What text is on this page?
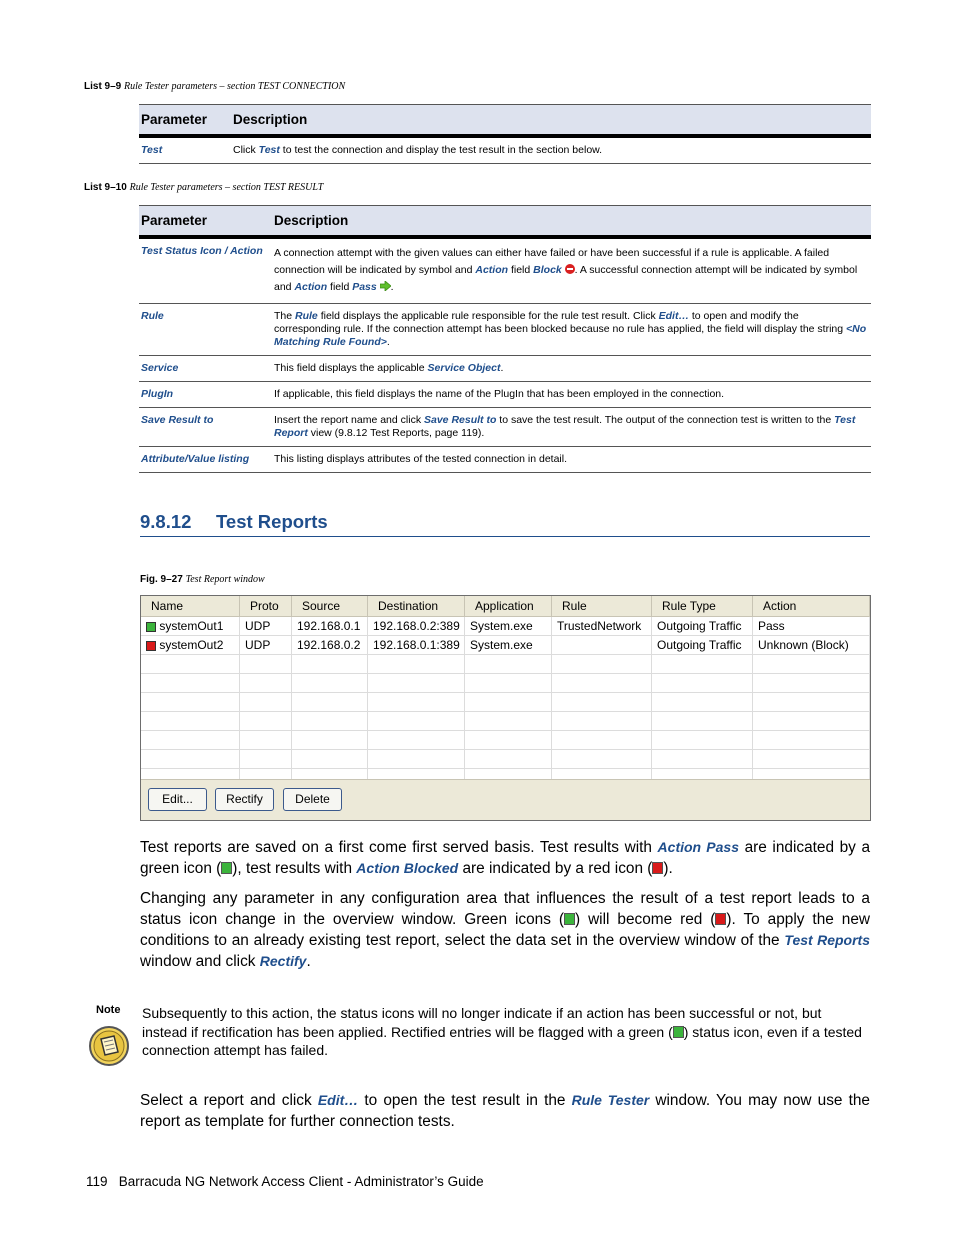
List 9–9 Rule Tester parameters – section TEST CONNECTION
Parameter	Description
Test	Click Test to test the connection and display the test result in the section below.
List 9–10 Rule Tester parameters – section TEST RESULT
Parameter	Description
Test Status Icon / Action	A connection attempt with the given values can either have failed or have been successful if a rule is applicable. A failed connection will be indicated by symbol and Action field Block . A successful connection attempt will be indicated by symbol and Action field Pass .
Rule	The Rule field displays the applicable rule responsible for the rule test result. Click Edit… to open and modify the corresponding rule. If the connection attempt has been blocked because no rule has applied, the field will display the string <No Matching Rule Found>.
Service	This field displays the applicable Service Object.
PlugIn	If applicable, this field displays the name of the PlugIn that has been employed in the connection.
Save Result to	Insert the report name and click Save Result to to save the test result. The output of the connection test is written to the Test Report view (9.8.12 Test Reports, page 119).
Attribute/Value listing	This listing displays attributes of the tested connection in detail.
9.8.12 Test Reports
Fig. 9–27 Test Report window
Name	Proto	Source	Destination	Application	Rule	Rule Type	Action
systemOut1	UDP	192.168.0.1	192.168.0.2:389	System.exe	TrustedNetwork	Outgoing Traffic	Pass
systemOut2	UDP	192.168.0.2	192.168.0.1:389	System.exe		Outgoing Traffic	Unknown (Block)

Edit...	Rectify	Delete
Test reports are saved on a first come first served basis. Test results with Action Pass are indicated by a green icon ( ), test results with Action Blocked are indicated by a red icon ( ).
Changing any parameter in any configuration area that influences the result of a test report leads to a status icon change in the overview window. Green icons ( ) will become red ( ). To apply the new conditions to an already existing test report, select the data set in the overview window of the Test Reports window and click Rectify.
Note Subsequently to this action, the status icons will no longer indicate if an action has been successful or not, but instead if rectification has been applied. Rectified entries will be flagged with a green ( ) status icon, even if a tested connection attempt has failed.
Select a report and click Edit… to open the test result in the Rule Tester window. You may now use the report as template for further connection tests.
119 Barracuda NG Network Access Client - Administrator’s Guide
